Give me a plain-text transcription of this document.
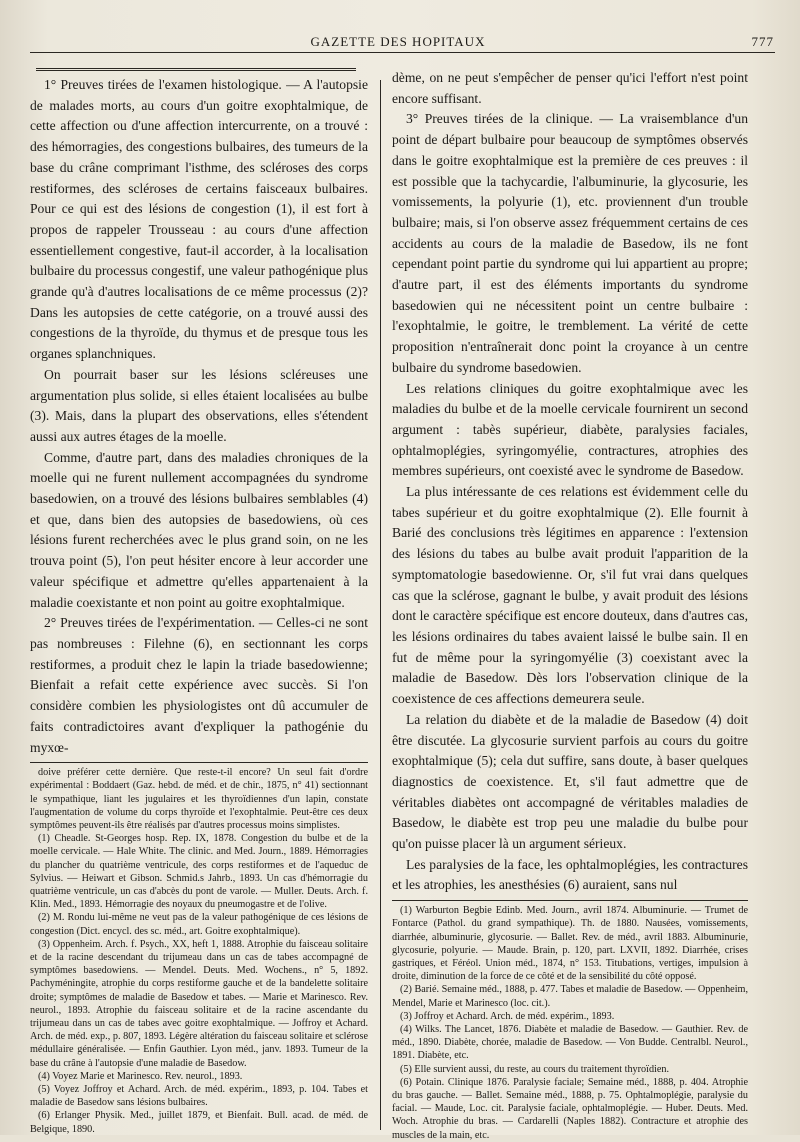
GAZETTE DES HOPITAUX	777

1° Preuves tirées de l'examen histologique. — A l'autopsie de malades morts, au cours d'un goitre exophtalmique, de cette affection ou d'une affection intercurrente, on a trouvé : des hémorragies, des congestions bulbaires, des tumeurs de la base du crâne comprimant l'isthme, des scléroses des corps restiformes, des scléroses de certains faisceaux bulbaires. Pour ce qui est des lésions de congestion (1), il est fort à propos de rappeler Trousseau : au cours d'une affection essentiellement congestive, faut-il accorder, à la localisation bulbaire du processus congestif, une valeur pathogénique plus grande qu'à d'autres localisations de ce même processus (2)? Dans les autopsies de cette catégorie, on a trouvé aussi des congestions de la thyroïde, du thymus et de presque tous les organes splanchniques.

On pourrait baser sur les lésions scléreuses une argumentation plus solide, si elles étaient localisées au bulbe (3). Mais, dans la plupart des observations, elles s'étendent aussi aux autres étages de la moelle.

Comme, d'autre part, dans des maladies chroniques de la moelle qui ne furent nullement accompagnées du syndrome basedowien, on a trouvé des lésions bulbaires semblables (4) et que, dans bien des autopsies de basedowiens, où ces lésions furent recherchées avec le plus grand soin, on ne les trouva point (5), l'on peut hésiter encore à leur accorder une valeur spécifique et admettre qu'elles appartenaient à la maladie coexistante et non point au goitre exophtalmique.

2° Preuves tirées de l'expérimentation. — Celles-ci ne sont pas nombreuses : Filehne (6), en sectionnant les corps restiformes, a produit chez le lapin la triade basedowienne; Bienfait a refait cette expérience avec succès. Si l'on considère combien les physiologistes ont dû accumuler de faits contradictoires avant d'expliquer la pathogénie du myxœ-

doive préférer cette dernière. Que reste-t-il encore? Un seul fait d'ordre expérimental : Boddaert (Gaz. hebd. de méd. et de chir., 1875, n° 41) sectionnant le sympathique, liant les jugulaires et les thyroïdiennes d'un lapin, constate l'augmentation de volume du corps thyroïde et l'exophtalmie. Peut-être ces deux symptômes peuvent-ils être réalisés par d'autres processus moins simplistes.

(1) Cheadle. St-Georges hosp. Rep. IX, 1878. Congestion du bulbe et de la moelle cervicale. — Hale White. The clinic. and Med. Journ., 1889. Hémorragies du plancher du quatrième ventricule, des corps restiformes et de l'aqueduc de Sylvius. — Heiwart et Gibson. Schmid.s Jahrb., 1893. Un cas d'hémorragie du quatrième ventricule, un cas d'abcès du pont de varole. — Muller. Deuts. Arch. f. Klin. Med., 1893. Hémorragie des noyaux du pneumogastre et de l'olive.

(2) M. Rondu lui-même ne veut pas de la valeur pathogénique de ces lésions de congestion (Dict. encycl. des sc. méd., art. Goitre exophtalmique).

(3) Oppenheim. Arch. f. Psych., XX, heft 1, 1888. Atrophie du faisceau solitaire et de la racine descendant du trijumeau dans un cas de tabes accompagné de symptômes basedowiens. — Mendel. Deuts. Med. Wochens., n° 5, 1892. Pachyméningite, atrophie du corps restiforme gauche et de la bandelette solitaire droite; symptômes de maladie de Basedow et tabes. — Marie et Marinesco. Rev. neurol., 1893. Atrophie du faisceau solitaire et de la racine ascendante du trijumeau dans un cas de tabes avec goitre exophtalmique. — Joffroy et Achard. Arch. de méd. exp., p. 807, 1893. Légère altération du faisceau solitaire et sclérose médullaire généralisée. — Enfin Gauthier. Lyon méd., janv. 1893. Tumeur de la base du crâne à l'autopsie d'une maladie de Basedow.

(4) Voyez Marie et Marinesco. Rev. neurol., 1893.

(5) Voyez Joffroy et Achard. Arch. de méd. expérim., 1893, p. 104. Tabes et maladie de Basedow sans lésions bulbaires.

(6) Erlanger Physik. Med., juillet 1879, et Bienfait. Bull. acad. de méd. de Belgique, 1890.

dème, on ne peut s'empêcher de penser qu'ici l'effort n'est point encore suffisant.

3° Preuves tirées de la clinique. — La vraisemblance d'un point de départ bulbaire pour beaucoup de symptômes observés dans le goitre exophtalmique est la première de ces preuves : il est possible que la tachycardie, l'albuminurie, la glycosurie, les vomissements, la polyurie (1), etc. proviennent d'un trouble bulbaire; mais, si l'on observe assez fréquemment certains de ces accidents au cours de la maladie de Basedow, ils ne font cependant point partie du syndrome qui lui appartient au propre; d'autre part, il est des éléments importants du syndrome basedowien qui ne nécessitent point un centre bulbaire : l'exophtalmie, le goitre, le tremblement. La vérité de cette proposition n'entraînerait donc point la croyance à un centre bulbaire du syndrome basedowien.

Les relations cliniques du goitre exophtalmique avec les maladies du bulbe et de la moelle cervicale fournirent un second argument : tabès supérieur, diabète, paralysies faciales, ophtalmoplégies, syringomyélie, contractures, atrophies des membres supérieurs, ont coexisté avec le syndrome de Basedow.

La plus intéressante de ces relations est évidemment celle du tabes supérieur et du goitre exophtalmique (2). Elle fournit à Barié des conclusions très légitimes en apparence : l'extension des lésions du tabes au bulbe avait produit l'apparition de la symptomatologie basedowienne. Or, s'il fut vrai dans quelques cas que la sclérose, gagnant le bulbe, y avait produit des lésions dont le caractère spécifique est encore douteux, dans d'autres cas, les lésions ordinaires du tabes avaient laissé le bulbe sain. Il en fut de même pour la syringomyélie (3) coexistant avec la maladie de Basedow. Dès lors l'observation clinique de la coexistence de ces affections demeurera seule.

La relation du diabète et de la maladie de Basedow (4) doit être discutée. La glycosurie survient parfois au cours du goitre exophtalmique (5); cela dut suffire, sans doute, à baser quelques diagnostics de coexistence. Et, s'il faut admettre que de véritables diabètes ont accompagné de véritables maladies de Basedow, le diabète est trop peu une maladie du bulbe pour qu'on puisse placer là un argument sérieux.

Les paralysies de la face, les ophtalmoplégies, les contractures et les atrophies, les anesthésies (6) auraient, sans nul

(1) Warburton Begbie Edinb. Med. Journ., avril 1874. Albuminurie. — Trumet de Fontarce (Pathol. du grand sympathique). Th. de 1880. Nausées, vomissements, diarrhée, albuminurie, glycosurie. — Ballet. Rev. de méd., avril 1883. Albuminurie, glycosurie, polyurie. — Maude. Brain, p. 120, part. LXVII, 1892. Diarrhée, crises gastriques, et Féréol. Union méd., 1874, n° 153. Titubations, vertiges, impulsion à droite, diminution de la force de ce côté et de la sensibilité du côté opposé.

(2) Barié. Semaine méd., 1888, p. 477. Tabes et maladie de Basedow. — Oppenheim, Mendel, Marie et Marinesco (loc. cit.).

(3) Joffroy et Achard. Arch. de méd. expérim., 1893.

(4) Wilks. The Lancet, 1876. Diabète et maladie de Basedow. — Gauthier. Rev. de méd., 1890. Diabète, chorée, maladie de Basedow. — Von Budde. Centralbl. Neurol., 1891. Diabète, etc.

(5) Elle survient aussi, du reste, au cours du traitement thyroïdien.

(6) Potain. Clinique 1876. Paralysie faciale; Semaine méd., 1888, p. 404. Atrophie du bras gauche. — Ballet. Semaine méd., 1888, p. 75. Ophtalmoplégie, paralysie du facial. — Maude, Loc. cit. Paralysie faciale, ophtalmoplégie. — Huber. Deuts. Med. Woch. Atrophie du bras. — Cardarelli (Naples 1882). Contracture et atrophie des muscles de la main, etc.
